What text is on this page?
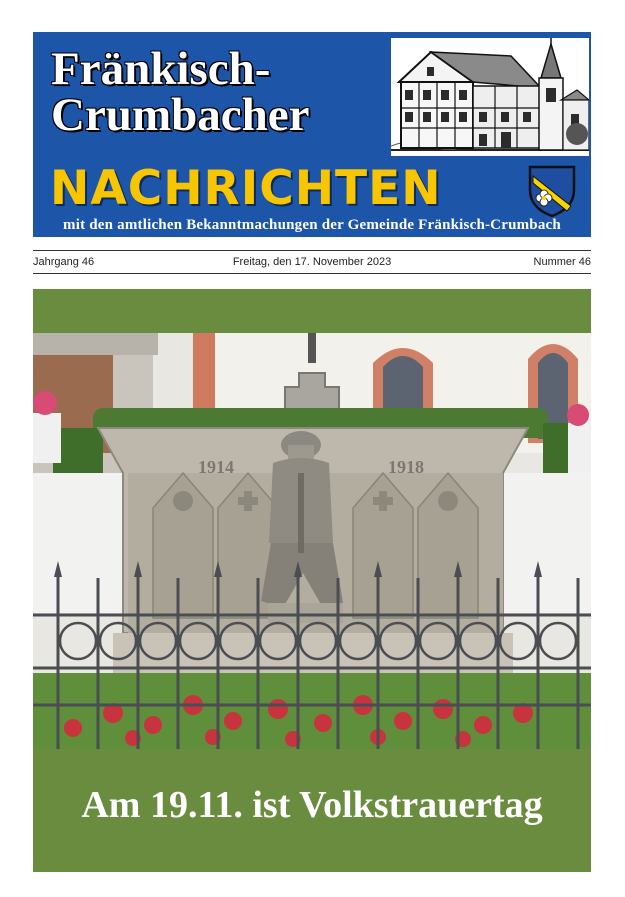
Fränkisch-
Crumbacher
NACHRICHTEN
mit den amtlichen Bekanntmachungen der Gemeinde Fränkisch-Crumbach
Jahrgang 46	Freitag, den 17. November 2023	Nummer 46
1914	1918
Am 19.11. ist Volkstrauertag
